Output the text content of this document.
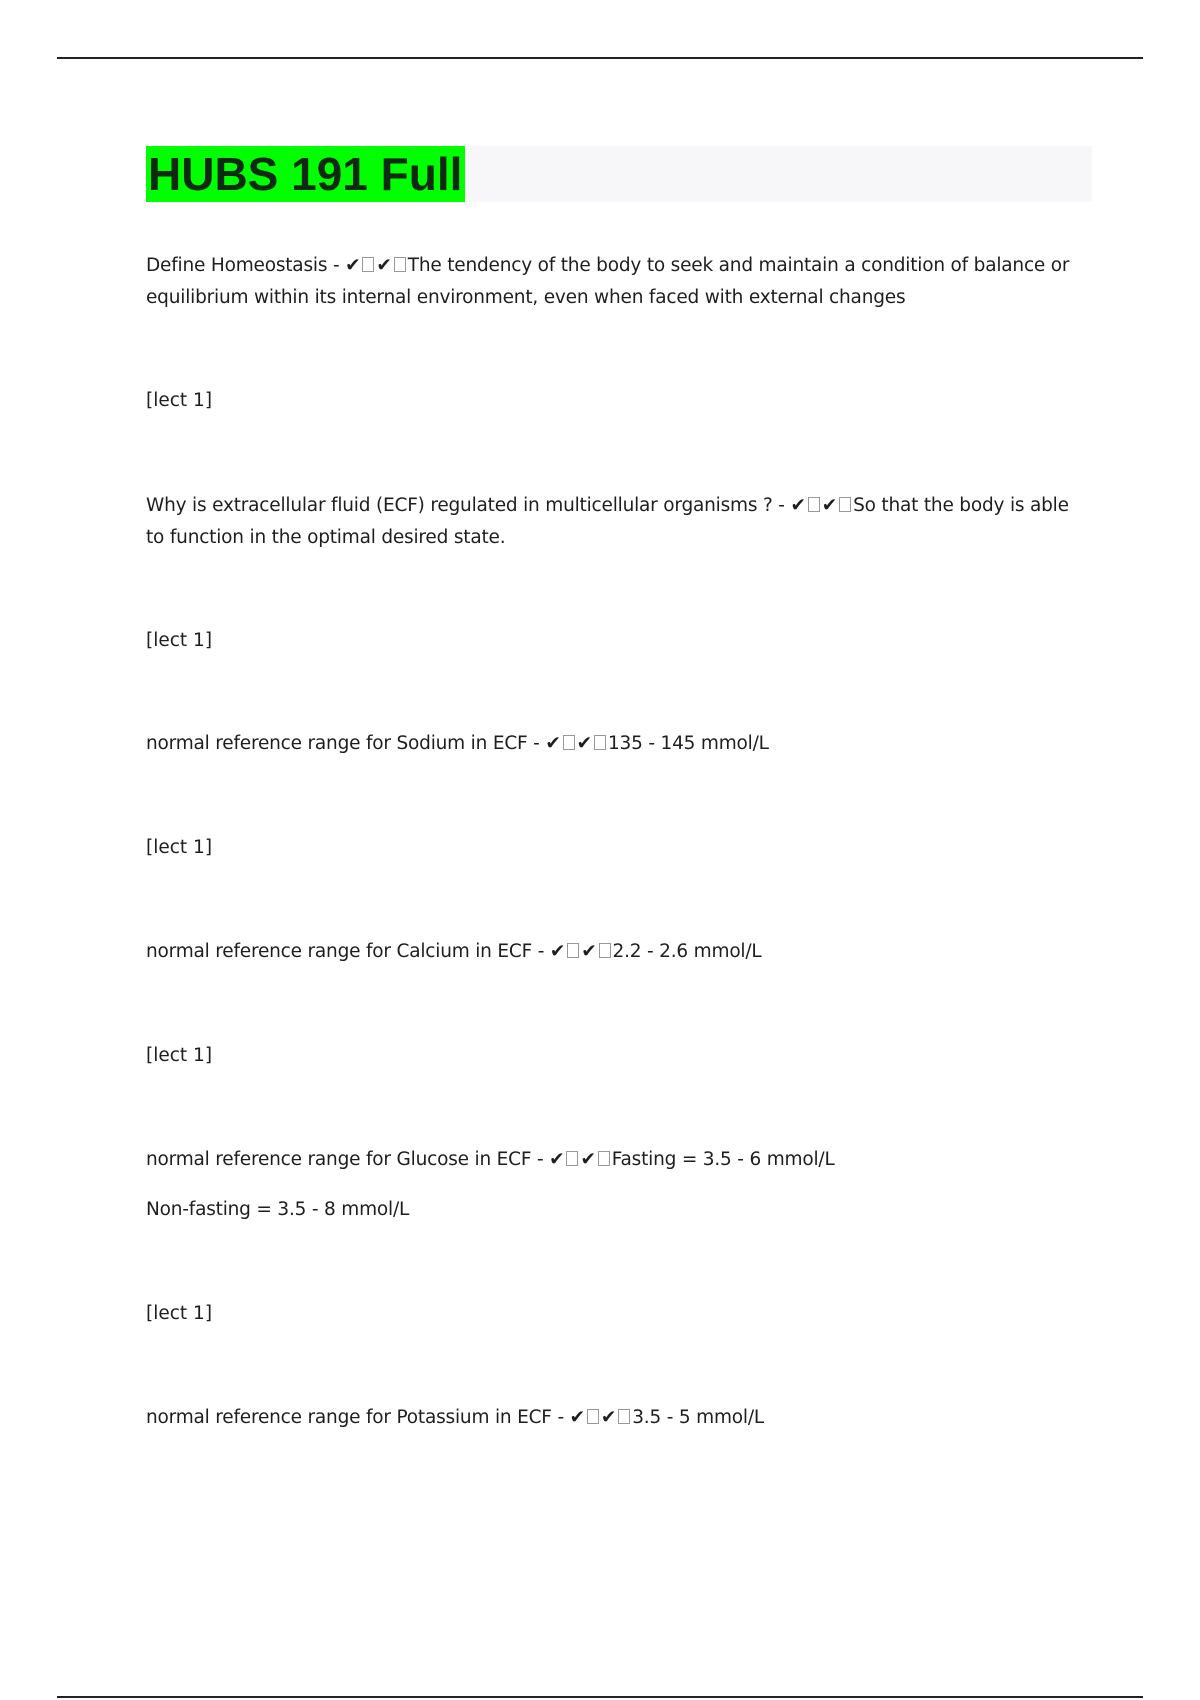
HUBS 191 Full

Define Homeostasis - ✔ ✔ The tendency of the body to seek and maintain a condition of balance or equilibrium within its internal environment, even when faced with external changes

[lect 1]

Why is extracellular fluid (ECF) regulated in multicellular organisms ? - ✔ ✔ So that the body is able to function in the optimal desired state.

[lect 1]

normal reference range for Sodium in ECF - ✔ ✔ 135 - 145 mmol/L

[lect 1]

normal reference range for Calcium in ECF - ✔ ✔ 2.2 - 2.6 mmol/L

[lect 1]

normal reference range for Glucose in ECF - ✔ ✔ Fasting = 3.5 - 6 mmol/L

Non-fasting = 3.5 - 8 mmol/L

[lect 1]

normal reference range for Potassium in ECF - ✔ ✔ 3.5 - 5 mmol/L
